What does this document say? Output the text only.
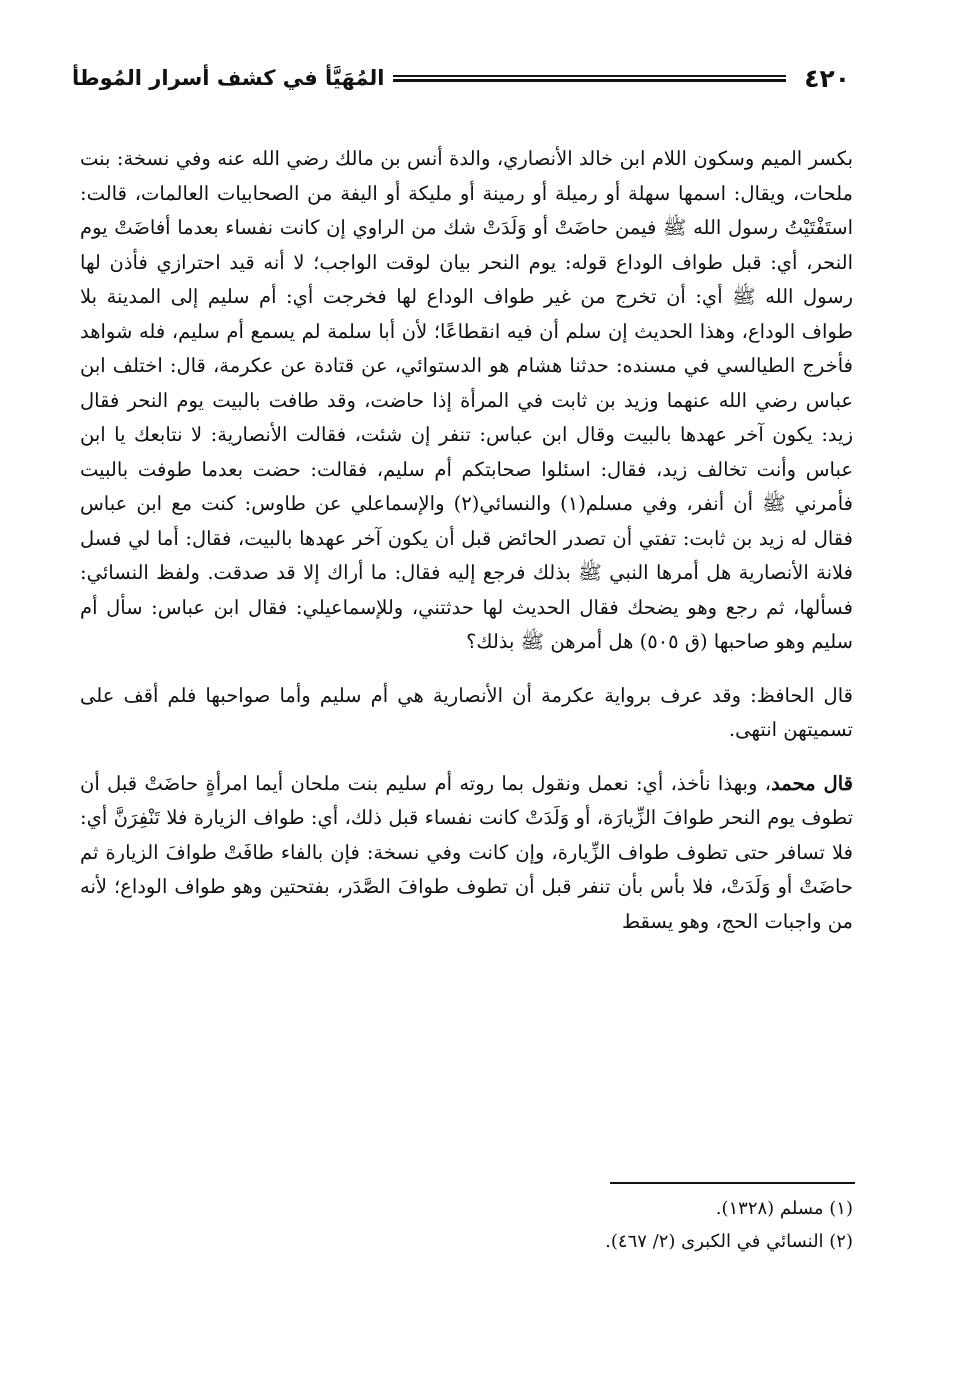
٤٢٠
المُهَيَّأ في كشف أسرار المُوطأ

بكسر الميم وسكون اللام ابن خالد الأنصاري، والدة أنس بن مالك رضي الله عنه وفي نسخة: بنت ملحات، ويقال: اسمها سهلة أو رميلة أو رمينة أو مليكة أو اليفة من الصحابيات العالمات، قالت: استَفْتَيْتُ رسول الله ﷺ فيمن حاضَتْ أو وَلَدَتْ شك من الراوي إن كانت نفساء بعدما أفاضَتْ يوم النحر، أي: قبل طواف الوداع قوله: يوم النحر بيان لوقت الواجب؛ لا أنه قيد احترازي فأذن لها رسول الله ﷺ أي: أن تخرج من غير طواف الوداع لها فخرجت أي: أم سليم إلى المدينة بلا طواف الوداع، وهذا الحديث إن سلم أن فيه انقطاعًا؛ لأن أبا سلمة لم يسمع أم سليم، فله شواهد فأخرج الطيالسي في مسنده: حدثنا هشام هو الدستوائي، عن قتادة عن عكرمة، قال: اختلف ابن عباس رضي الله عنهما وزيد بن ثابت في المرأة إذا حاضت، وقد طافت بالبيت يوم النحر فقال زيد: يكون آخر عهدها بالبيت وقال ابن عباس: تنفر إن شئت، فقالت الأنصارية: لا نتابعك يا ابن عباس وأنت تخالف زيد، فقال: اسئلوا صحابتكم أم سليم، فقالت: حضت بعدما طوفت بالبيت فأمرني ﷺ أن أنفر، وفي مسلم(١) والنسائي(٢) والإسماعلي عن طاوس: كنت مع ابن عباس فقال له زيد بن ثابت: تفتي أن تصدر الحائض قبل أن يكون آخر عهدها بالبيت، فقال: أما لي فسل فلانة الأنصارية هل أمرها النبي ﷺ بذلك فرجع إليه فقال: ما أراك إلا قد صدقت. ولفظ النسائي: فسألها، ثم رجع وهو يضحك فقال الحديث لها حدثتني، وللإسماعيلي: فقال ابن عباس: سأل أم سليم وهو صاحبها (ق ٥٠٥) هل أمرهن ﷺ بذلك؟

قال الحافظ: وقد عرف برواية عكرمة أن الأنصارية هي أم سليم وأما صواحبها فلم أقف على تسميتهن انتهى.

قال محمد، وبهذا نأخذ، أي: نعمل ونقول بما روته أم سليم بنت ملحان أيما امرأةٍ حاضَتْ قبل أن تطوف يوم النحر طوافَ الزِّيارَة، أو وَلَدَتْ كانت نفساء قبل ذلك، أي: طواف الزيارة فلا تَنْفِرَنَّ أي: فلا تسافر حتى تطوف طواف الزِّيارة، وإن كانت وفي نسخة: فإن بالفاء طافَتْ طوافَ الزيارة ثم حاضَتْ أو وَلَدَتْ، فلا بأس بأن تنفر قبل أن تطوف طوافَ الصَّدَر، بفتحتين وهو طواف الوداع؛ لأنه من واجبات الحج، وهو يسقط

(١) مسلم (١٣٢٨).
(٢) النسائي في الكبرى (٢/ ٤٦٧).
